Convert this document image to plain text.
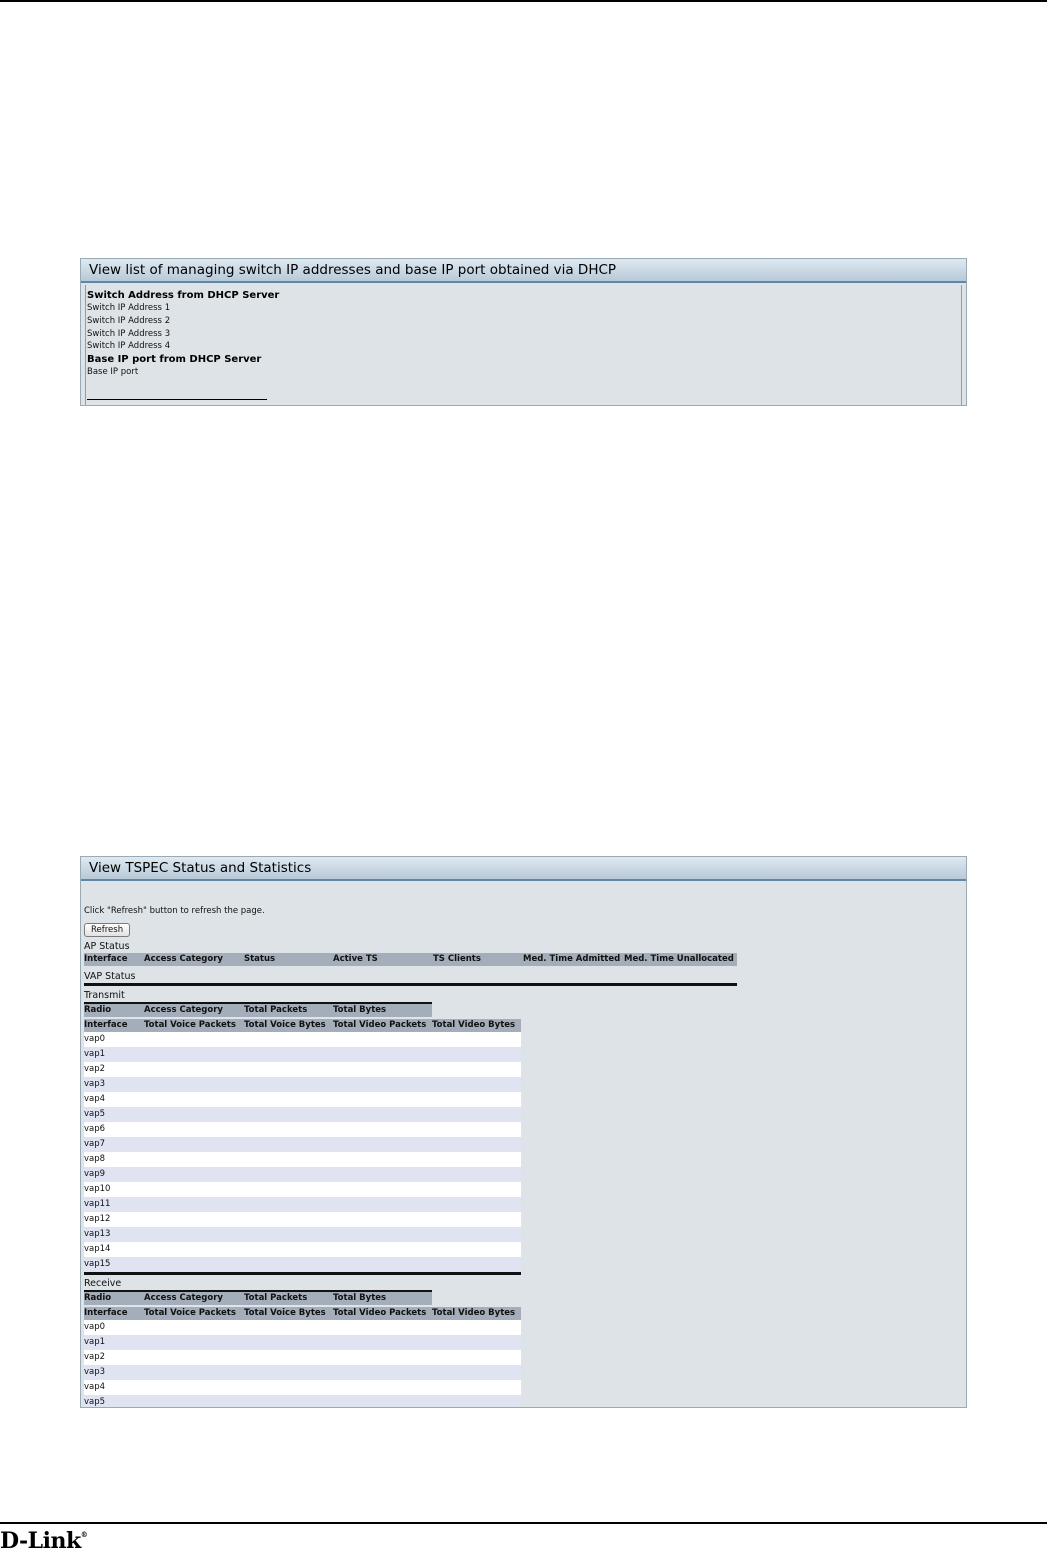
View list of managing switch IP addresses and base IP port obtained via DHCP
Switch Address from DHCP Server
Switch IP Address 1
Switch IP Address 2
Switch IP Address 3
Switch IP Address 4
Base IP port from DHCP Server
Base IP port
View TSPEC Status and Statistics
Click "Refresh" button to refresh the page.
Refresh
AP Status
Interface	Access Category	Status	Active TS	TS Clients	Med. Time Admitted Med. Time Unallocated
VAP Status
Transmit
Radio	Access Category	Total Packets	Total Bytes
Interface	Total Voice Packets Total Voice Bytes Total Video Packets Total Video Bytes
vap0
vap1
vap2
vap3
vap4
vap5
vap6
vap7
vap8
vap9
vap10
vap11
vap12
vap13
vap14
vap15
Receive
Radio	Access Category	Total Packets	Total Bytes
Interface	Total Voice Packets Total Voice Bytes Total Video Packets Total Video Bytes
vap0
vap1
vap2
vap3
vap4
vap5
D-Link®
